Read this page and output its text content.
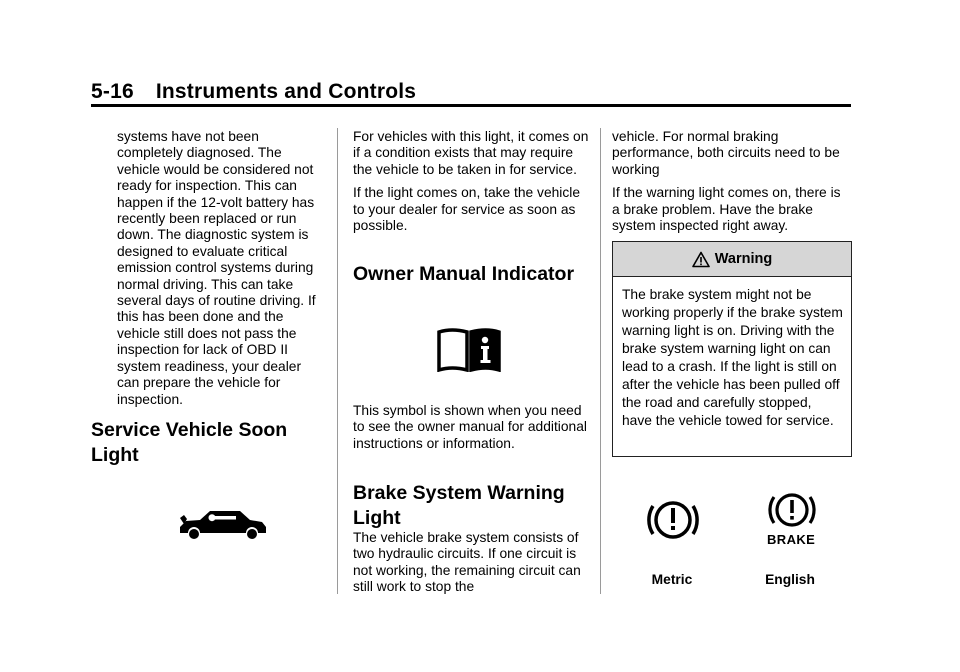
5-16 Instruments and Controls

systems have not been completely diagnosed. The vehicle would be considered not ready for inspection. This can happen if the 12-volt battery has recently been replaced or run down. The diagnostic system is designed to evaluate critical emission control systems during normal driving. This can take several days of routine driving. If this has been done and the vehicle still does not pass the inspection for lack of OBD II system readiness, your dealer can prepare the vehicle for inspection.

Service Vehicle Soon Light

For vehicles with this light, it comes on if a condition exists that may require the vehicle to be taken in for service.

If the light comes on, take the vehicle to your dealer for service as soon as possible.

Owner Manual Indicator

This symbol is shown when you need to see the owner manual for additional instructions or information.

Brake System Warning Light

The vehicle brake system consists of two hydraulic circuits. If one circuit is not working, the remaining circuit can still work to stop the

vehicle. For normal braking performance, both circuits need to be working

If the warning light comes on, there is a brake problem. Have the brake system inspected right away.

Warning
The brake system might not be working properly if the brake system warning light is on. Driving with the brake system warning light on can lead to a crash. If the light is still on after the vehicle has been pulled off the road and carefully stopped, have the vehicle towed for service.
BRAKE
Metric	English
